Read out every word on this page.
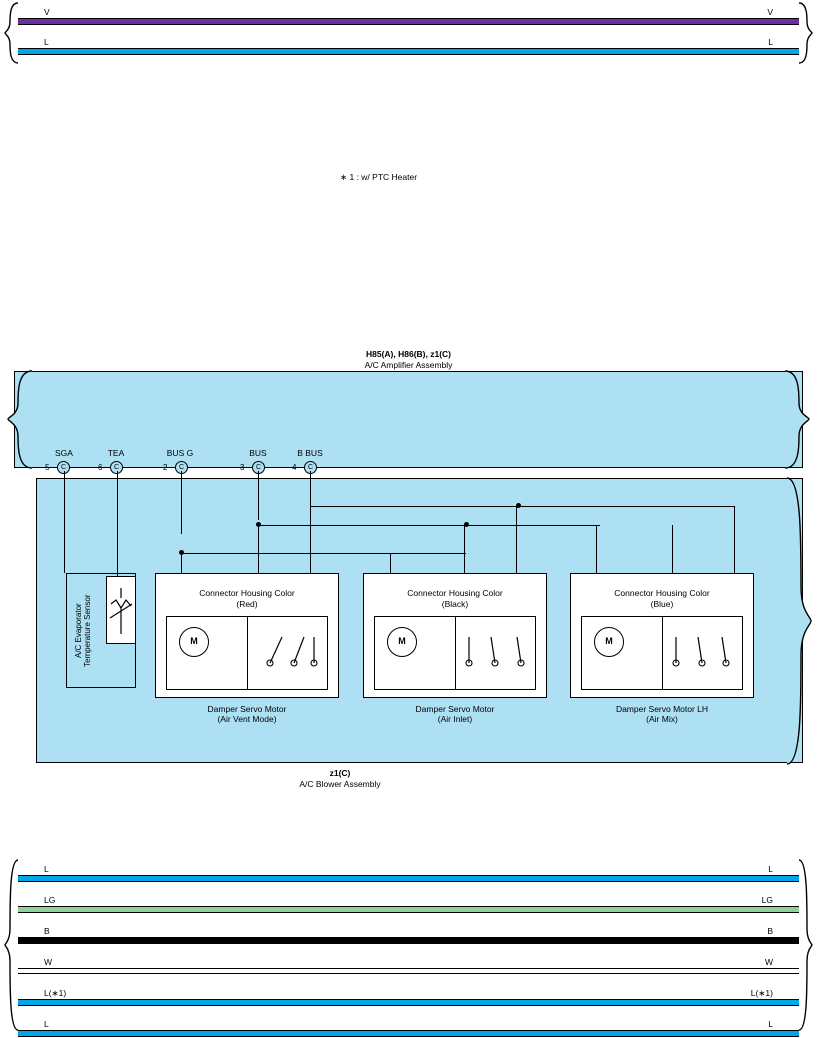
V	V
L	L
∗ 1 : w/ PTC Heater
H85(A), H86(B), z1(C)
A/C Amplifier Assembly
SGA
5	C
TEA
6	C
BUS G
2	C
BUS
3	C
B BUS
4	C
A/C Evaporator
Temperature Sensor
Connector Housing Color
(Red)
M
Damper Servo Motor
(Air Vent Mode)
Connector Housing Color
(Black)
M
Damper Servo Motor
(Air Inlet)
Connector Housing Color
(Blue)
M
Damper Servo Motor LH
(Air Mix)
z1(C)
A/C Blower Assembly
L	L
LG	LG
B	B
W	W
L(∗1)	L(∗1)
L	L
